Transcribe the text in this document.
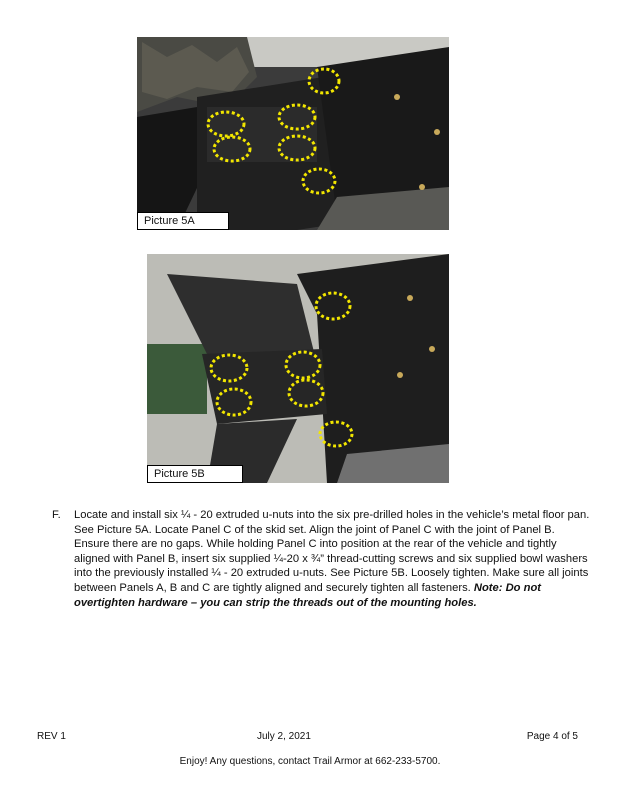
Picture 5A
Picture 5B
F. Locate and install six ¼ - 20 extruded u-nuts into the six pre-drilled holes in the vehicle’s metal floor pan. See Picture 5A. Locate Panel C of the skid set. Align the joint of Panel C with the joint of Panel B. Ensure there are no gaps. While holding Panel C into position at the rear of the vehicle and tightly aligned with Panel B, insert six supplied ¼-20 x ¾” thread-cutting screws and six supplied bowl washers into the previously installed ¼ - 20 extruded u-nuts. See Picture 5B. Loosely tighten. Make sure all joints between Panels A, B and C are tightly aligned and securely tighten all fasteners. Note: Do not overtighten hardware – you can strip the threads out of the mounting holes.
REV 1	July 2, 2021	Page 4 of 5
Enjoy! Any questions, contact Trail Armor at 662-233-5700.
